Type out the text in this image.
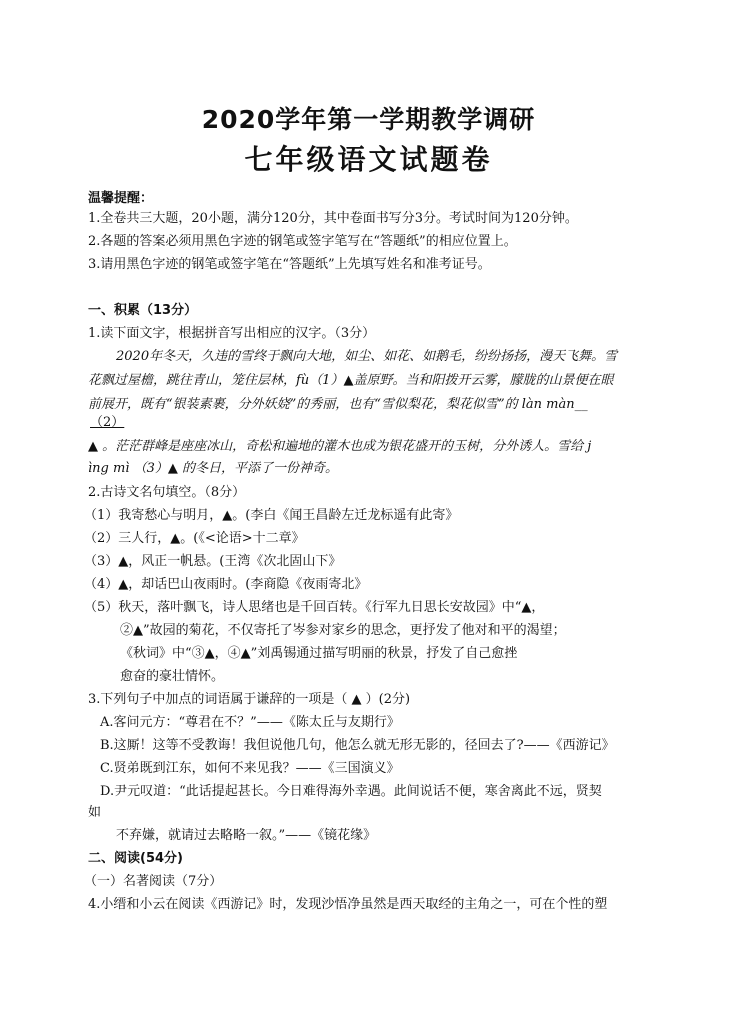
2020学年第一学期教学调研
七年级语文试题卷
温馨提醒：
1.全卷共三大题，20小题，满分120分，其中卷面书写分3分。考试时间为120分钟。
2.各题的答案必须用黑色字迹的钢笔或签字笔写在“答题纸”的相应位置上。
3.请用黑色字迹的钢笔或签字笔在“答题纸”上先填写姓名和准考证号。
一、积累（13分）
1.读下面文字，根据拼音写出相应的汉字。（3分）
2020年冬天，久违的雪终于飘向大地，如尘、如花、如鹅毛，纷纷扬扬，漫天飞舞。雪
花飘过屋檐，跳往青山，笼住层林，fù（1）▲盖原野。当和阳拨开云雾，朦胧的山景便在眼
前展开，既有“银装素裹，分外妖娆”的秀丽，也有“雪似梨花，梨花似雪”的 làn màn__
（2）
▲ 。茫茫群峰是座座冰山，奇松和遍地的灌木也成为银花盛开的玉树，分外诱人。雪给 j
ìng mì （3）▲ 的冬日，平添了一份神奇。
2.古诗文名句填空。（8分）
（1）我寄愁心与明月，▲。(李白《闻王昌龄左迁龙标遥有此寄》
（2）三人行，▲。(《<论语>十二章》
（3）▲，风正一帆悬。(王湾《次北固山下》
（4）▲，却话巴山夜雨时。(李商隐《夜雨寄北》
（5）秋天，落叶飘飞，诗人思绪也是千回百转。《行军九日思长安故园》中“▲，
②▲”故园的菊花，不仅寄托了岑参对家乡的思念，更抒发了他对和平的渴望；
《秋词》中“③▲，④▲”刘禹锡通过描写明丽的秋景，抒发了自己愈挫
愈奋的豪壮情怀。
3.下列句子中加点的词语属于谦辞的一项是（ ▲ ）(2分)
A.客问元方：“尊君在不？”——《陈太丘与友期行》
B.这厮！这等不受教诲！我但说他几句，他怎么就无形无影的，径回去了?——《西游记》
C.贤弟既到江东，如何不来见我？——《三国演义》
D.尹元叹道：“此话提起甚长。今日难得海外幸遇。此间说话不便，寒舍离此不远，贤契
如
不弃嫌，就请过去略略一叙。”——《镜花缘》
二、阅读(54分)
（一）名著阅读（7分）
4.小缙和小云在阅读《西游记》时，发现沙悟净虽然是西天取经的主角之一，可在个性的塑
